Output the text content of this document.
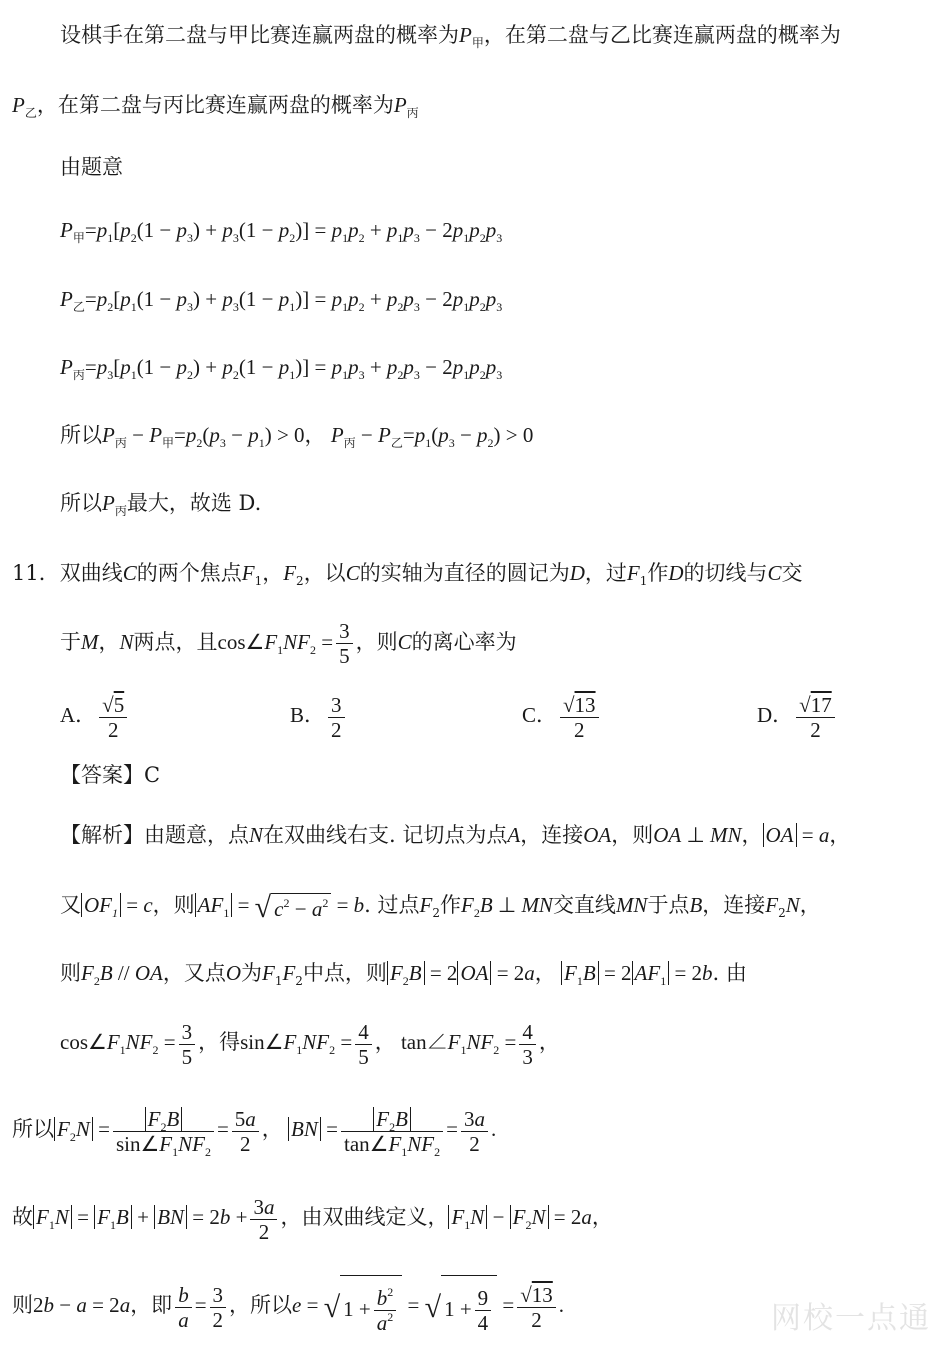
设棋手在第二盘与甲比赛连赢两盘的概率为$P_甲$，在第二盘与乙比赛连赢两盘的概率为
$P_乙$，在第二盘与丙比赛连赢两盘的概率为$P_丙$
由题意
$P_甲=p_1[p_2(1 - p_3) + p_3(1 - p_2)] = p_1p_2 + p_1p_3 - 2p_1p_2p_3$
$P_乙=p_2[p_1(1 - p_3) + p_3(1 - p_1)] = p_1p_2 + p_2p_3 - 2p_1p_2p_3$
$P_丙=p_3[p_1(1 - p_2) + p_2(1 - p_1)] = p_1p_3 + p_2p_3 - 2p_1p_2p_3$
所以$P_丙 - P_甲=p_2(p_3 - p_1) > 0$， $P_丙 - P_乙=p_1(p_3 - p_2) > 0$
所以$P_丙$最大，故选 D.
11．双曲线C的两个焦点$F_1$，$F_2$，以C的实轴为直径的圆记为D，过$F_1$作D的切线与C交
于M，N两点，且$\cos\angle F_1NF_2 = \frac{3}{5}$ ，则C的离心率为
A． $\frac{√5}{2}$	B． $\frac{3}{2}$	C． $\frac{√13}{2}$	D． $\frac{√17}{2}$
【答案】C
【解析】由题意，点N在双曲线右支. 记切点为点A，连接OA，则OA ⊥ MN， OA = a，
又 $OF_1 = c$，则 $AF_1$ = √ $c^2 - a^2 = b$. 过点$F_2$作$F_2B$ ⊥ MN交直线MN于点B，连接$F_2N$，
则$F_2B$ // OA，又点O为$F_1F_2$中点，则 $F_2B = 2$ OA = 2a， $F_1B = 2$ $AF_1 = 2b$. 由
$\cos\angle F_1NF_2 = \frac{3}{5}$ ，得$\sin\angle F_1NF_2 = \frac{4}{5}$ ， $\tan\angle F_1NF_2 = \frac{4}{3}$ ，
所以 $F_2N = \frac{F_2B}{\sin\angle F_1NF_2} = \frac{5a}{2}$ ， BN = $\frac{F_2B}{\tan\angle F_1NF_2} = \frac{3a}{2}$ .
故 $F_1N = F_1B$ + BN = $2b + \frac{3a}{2}$ ，由双曲线定义， $F_1N - F_2N = 2a$，
则2b − a = 2a，即 $\frac{b}{a} = \frac{3}{2}$ ，所以e = √ $1 + \frac{b^2}{a^2}$ = √ $1 + \frac{9}{4} = \frac{√13}{2}$ .	网校一点通
